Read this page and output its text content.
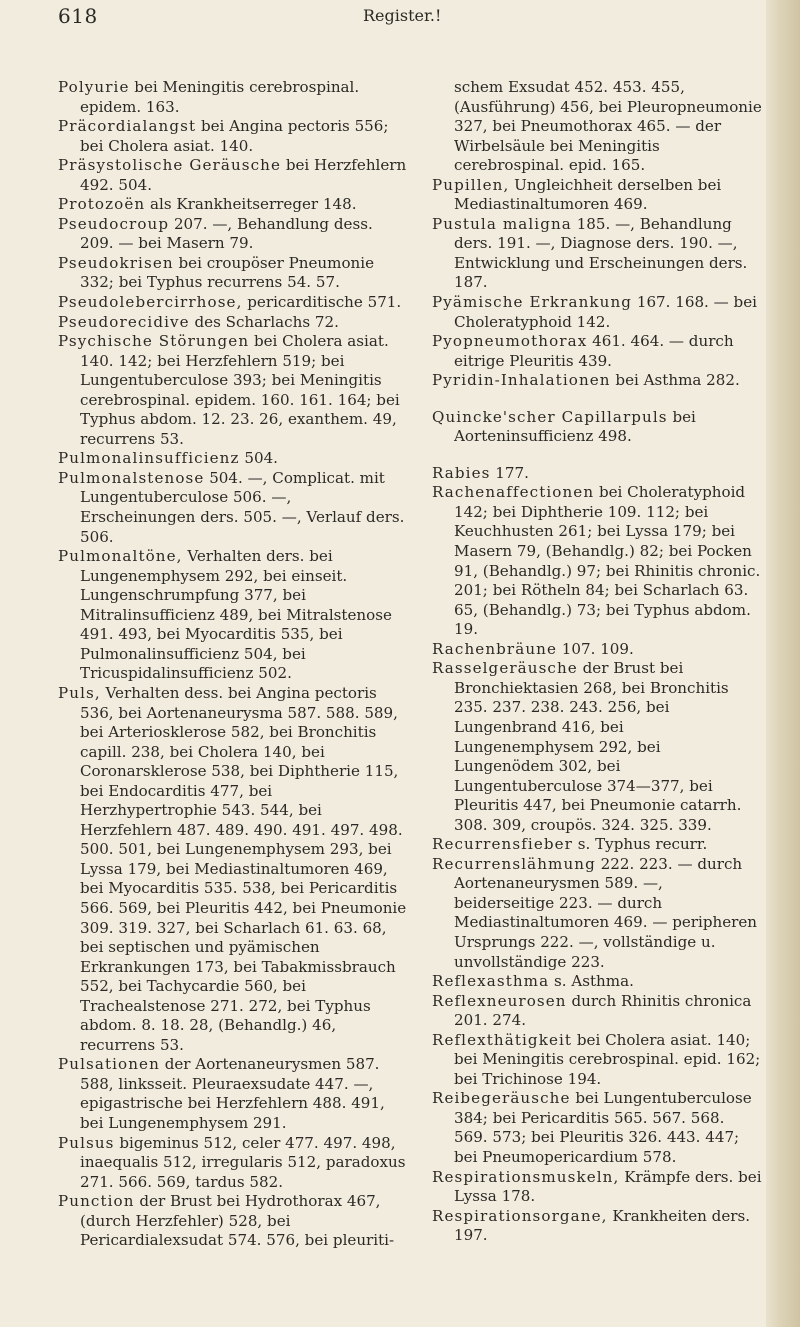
618	Register.!

Polyurie bei Meningitis cerebrospinal. epidem. 163.

Präcordialangst bei Angina pectoris 556; bei Cholera asiat. 140.

Präsystolische Geräusche bei Herzfehlern 492. 504.

Protozoën als Krankheitserreger 148.

Pseudocroup 207. —, Behandlung dess. 209. — bei Masern 79.

Pseudokrisen bei croupöser Pneumonie 332; bei Typhus recurrens 54. 57.

Pseudolebercirrhose, pericarditische 571.

Pseudorecidive des Scharlachs 72.

Psychische Störungen bei Cholera asiat. 140. 142; bei Herzfehlern 519; bei Lungentuberculose 393; bei Meningitis cerebrospinal. epidem. 160. 161. 164; bei Typhus abdom. 12. 23. 26, exanthem. 49, recurrens 53.

Pulmonalinsufficienz 504.

Pulmonalstenose 504. —, Complicat. mit Lungentuberculose 506. —, Erscheinungen ders. 505. —, Verlauf ders. 506.

Pulmonaltöne, Verhalten ders. bei Lungenemphysem 292, bei einseit. Lungenschrumpfung 377, bei Mitralinsufficienz 489, bei Mitralstenose 491. 493, bei Myocarditis 535, bei Pulmonalinsufficienz 504, bei Tricuspidalinsufficienz 502.

Puls, Verhalten dess. bei Angina pectoris 536, bei Aortenaneurysma 587. 588. 589, bei Arteriosklerose 582, bei Bronchitis capill. 238, bei Cholera 140, bei Coronarsklerose 538, bei Diphtherie 115, bei Endocarditis 477, bei Herzhypertrophie 543. 544, bei Herzfehlern 487. 489. 490. 491. 497. 498. 500. 501, bei Lungenemphysem 293, bei Lyssa 179, bei Mediastinaltumoren 469, bei Myocarditis 535. 538, bei Pericarditis 566. 569, bei Pleuritis 442, bei Pneumonie 309. 319. 327, bei Scharlach 61. 63. 68, bei septischen und pyämischen Erkrankungen 173, bei Tabakmissbrauch 552, bei Tachycardie 560, bei Trachealstenose 271. 272, bei Typhus abdom. 8. 18. 28, (Behandlg.) 46, recurrens 53.

Pulsationen der Aortenaneurysmen 587. 588, linksseit. Pleuraexsudate 447. —, epigastrische bei Herzfehlern 488. 491, bei Lungenemphysem 291.

Pulsus bigeminus 512, celer 477. 497. 498, inaequalis 512, irregularis 512, paradoxus 271. 566. 569, tardus 582.

Punction der Brust bei Hydrothorax 467, (durch Herzfehler) 528, bei Pericardialexsudat 574. 576, bei pleuriti-

schem Exsudat 452. 453. 455, (Ausführung) 456, bei Pleuropneumonie 327, bei Pneumothorax 465. — der Wirbelsäule bei Meningitis cerebrospinal. epid. 165.

Pupillen, Ungleichheit derselben bei Mediastinaltumoren 469.

Pustula maligna 185. —, Behandlung ders. 191. —, Diagnose ders. 190. —, Entwicklung und Erscheinungen ders. 187.

Pyämische Erkrankung 167. 168. — bei Choleratyphoid 142.

Pyopneumothorax 461. 464. — durch eitrige Pleuritis 439.

Pyridin-Inhalationen bei Asthma 282.

Quincke'scher Capillarpuls bei Aorteninsufficienz 498.

Rabies 177.

Rachenaffectionen bei Choleratyphoid 142; bei Diphtherie 109. 112; bei Keuchhusten 261; bei Lyssa 179; bei Masern 79, (Behandlg.) 82; bei Pocken 91, (Behandlg.) 97; bei Rhinitis chronic. 201; bei Rötheln 84; bei Scharlach 63. 65, (Behandlg.) 73; bei Typhus abdom. 19.

Rachenbräune 107. 109.

Rasselgeräusche der Brust bei Bronchiektasien 268, bei Bronchitis 235. 237. 238. 243. 256, bei Lungenbrand 416, bei Lungenemphysem 292, bei Lungenödem 302, bei Lungentuberculose 374—377, bei Pleuritis 447, bei Pneumonie catarrh. 308. 309, croupös. 324. 325. 339.

Recurrensfieber s. Typhus recurr.

Recurrenslähmung 222. 223. — durch Aortenaneurysmen 589. —, beiderseitige 223. — durch Mediastinaltumoren 469. — peripheren Ursprungs 222. —, vollständige u. unvollständige 223.

Reflexasthma s. Asthma.

Reflexneurosen durch Rhinitis chronica 201. 274.

Reflexthätigkeit bei Cholera asiat. 140; bei Meningitis cerebrospinal. epid. 162; bei Trichinose 194.

Reibegeräusche bei Lungentuberculose 384; bei Pericarditis 565. 567. 568. 569. 573; bei Pleuritis 326. 443. 447; bei Pneumopericardium 578.

Respirationsmuskeln, Krämpfe ders. bei Lyssa 178.

Respirationsorgane, Krankheiten ders. 197.
